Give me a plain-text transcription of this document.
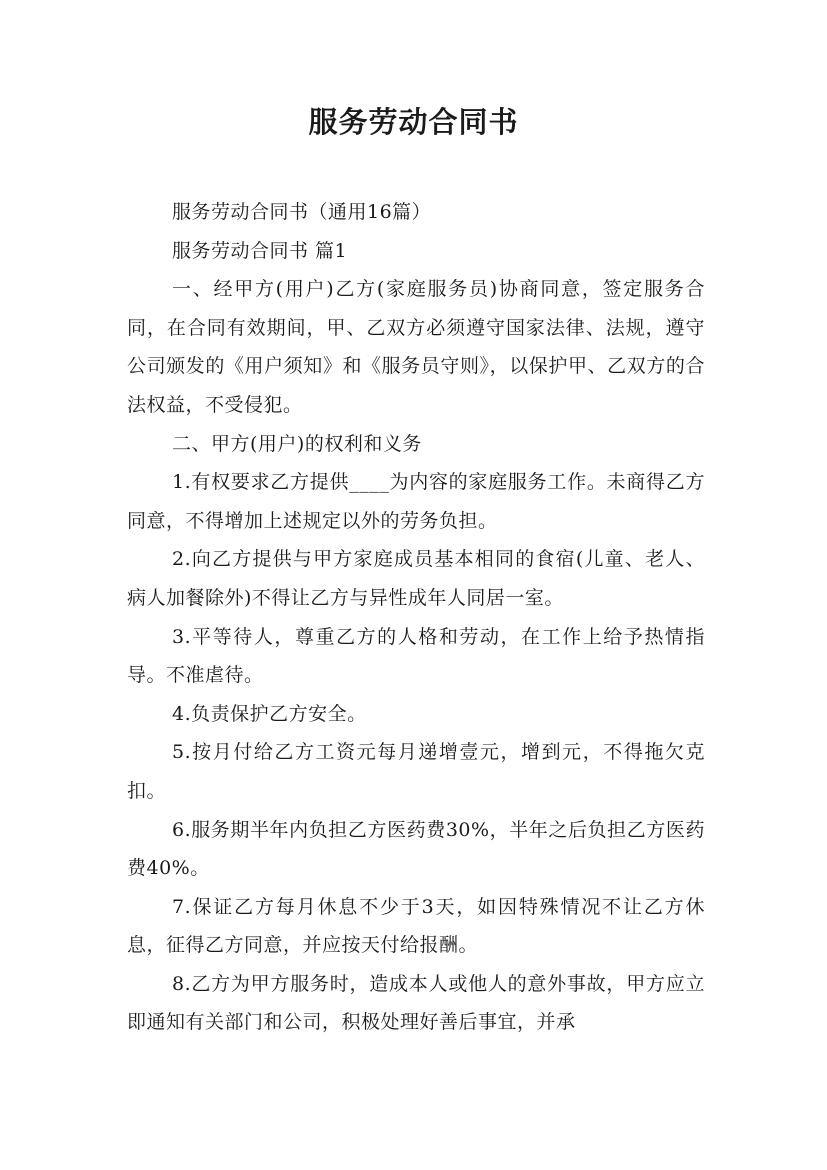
服务劳动合同书

服务劳动合同书（通用16篇）

服务劳动合同书 篇1

一、经甲方(用户)乙方(家庭服务员)协商同意，签定服务合同，在合同有效期间，甲、乙双方必须遵守国家法律、法规，遵守公司颁发的《用户须知》和《服务员守则》，以保护甲、乙双方的合法权益，不受侵犯。

二、甲方(用户)的权利和义务

1.有权要求乙方提供____为内容的家庭服务工作。未商得乙方同意，不得增加上述规定以外的劳务负担。

2.向乙方提供与甲方家庭成员基本相同的食宿(儿童、老人、病人加餐除外)不得让乙方与异性成年人同居一室。

3.平等待人，尊重乙方的人格和劳动，在工作上给予热情指导。不准虐待。

4.负责保护乙方安全。

5.按月付给乙方工资元每月递增壹元，增到元，不得拖欠克扣。

6.服务期半年内负担乙方医药费30%，半年之后负担乙方医药费40%。

7.保证乙方每月休息不少于3天，如因特殊情况不让乙方休息，征得乙方同意，并应按天付给报酬。

8.乙方为甲方服务时，造成本人或他人的意外事故，甲方应立即通知有关部门和公司，积极处理好善后事宜，并承
